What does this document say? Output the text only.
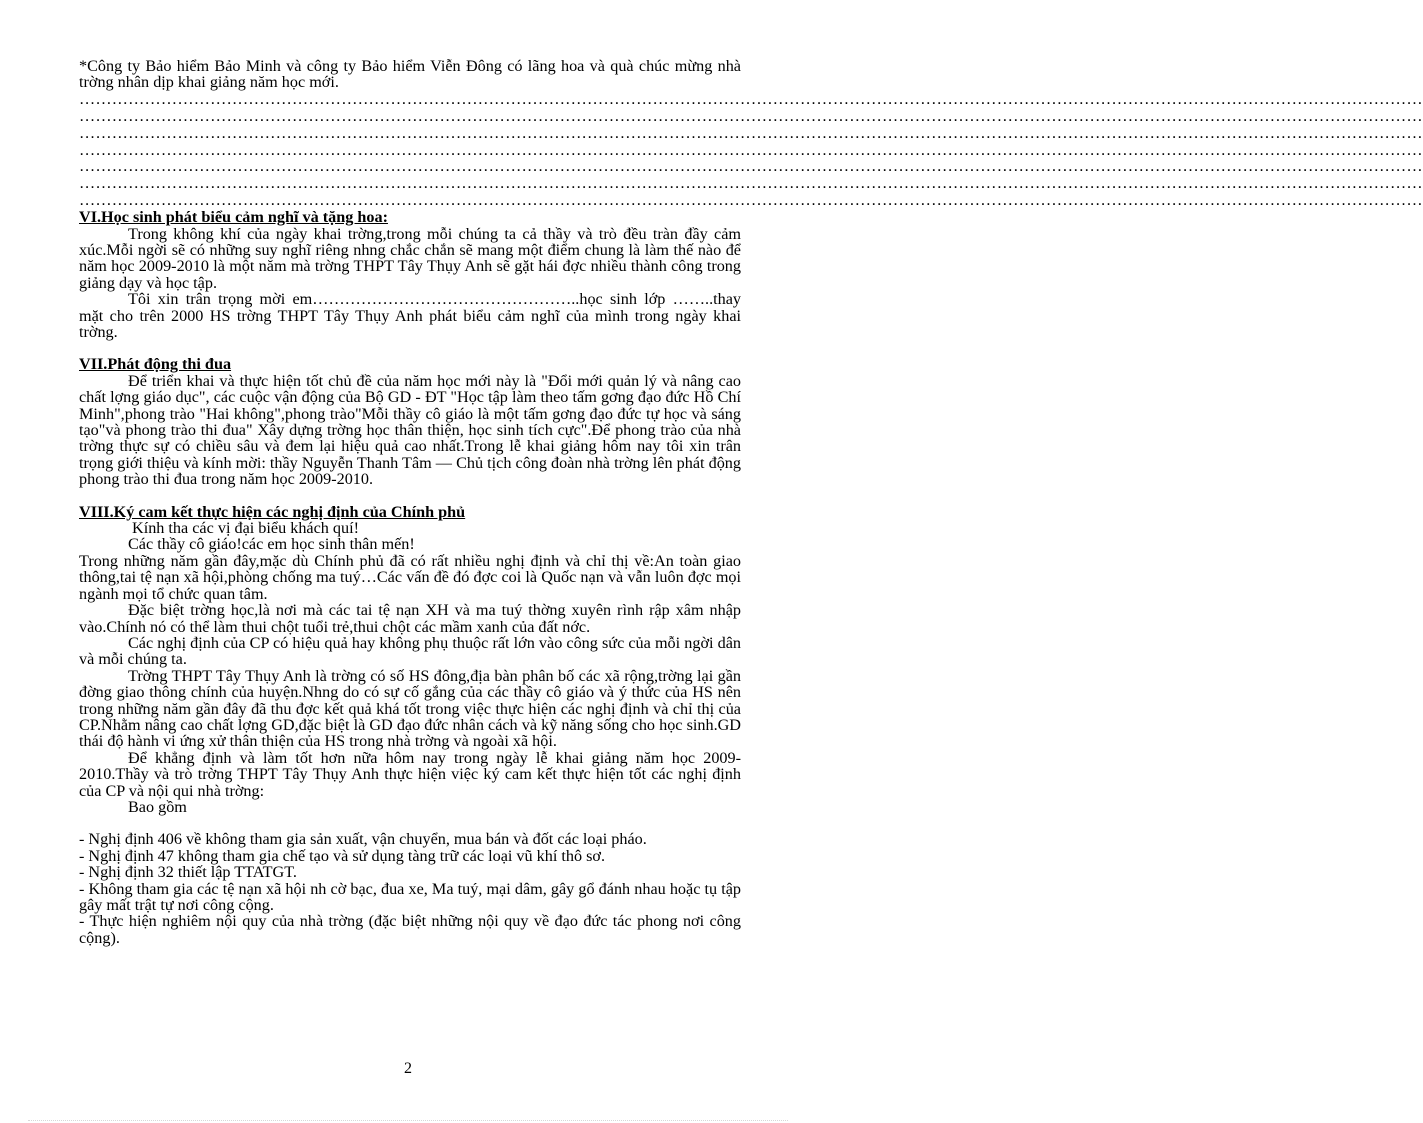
*Công ty Bảo hiểm Bảo Minh và công ty Bảo hiểm Viễn Đông có lãng hoa và quà chúc mừng nhà trờng nhân dịp khai giảng năm học mới.

…………………………………………………………………………………………………………………………………………………………………………………………………………………………
…………………………………………………………………………………………………………………………………………………………………………………………………………………………
…………………………………………………………………………………………………………………………………………………………………………………………………………………………
…………………………………………………………………………………………………………………………………………………………………………………………………………………………
…………………………………………………………………………………………………………………………………………………………………………………………………………………………
…………………………………………………………………………………………………………………………………………………………………………………………………………………………
…………………………………………………………………………………………………………………………………………………………………………………………………………………………

VI.Học sinh phát biểu cảm nghĩ và tặng hoa:

Trong không khí của ngày khai trờng,trong mỗi chúng ta cả thầy và trò đều tràn đầy cảm xúc.Mỗi ngời sẽ có những suy nghĩ riêng nhng chắc chắn sẽ mang một điểm chung là làm thế nào để năm học 2009-2010 là một năm mà trờng THPT Tây Thụy Anh sẽ gặt hái đợc nhiều thành công trong giảng dạy và học tập.

Tôi xin trân trọng mời em…………………………………………..học sinh lớp ……..thay mặt cho trên 2000 HS trờng THPT Tây Thụy Anh phát biểu cảm nghĩ của mình trong ngày khai trờng.

VII.Phát động thi đua

Để triển khai và thực hiện tốt chủ đề của năm học mới này là "Đổi mới quản lý và nâng cao chất lợng giáo dục", các cuộc vận động của Bộ GD - ĐT "Học tập làm theo tấm gơng đạo đức Hồ Chí Minh",phong trào "Hai không",phong trào"Mỗi thầy cô giáo là một tấm gơng đạo đức tự học và sáng tạo"và phong trào thi đua" Xây dựng trờng học thân thiện, học sinh tích cực".Để phong trào của nhà trờng thực sự có chiều sâu và đem lại hiệu quả cao nhất.Trong lễ khai giảng hôm nay tôi xin trân trọng giới thiệu và kính mời: thầy Nguyễn Thanh Tâm — Chủ tịch công đoàn nhà trờng lên phát động phong trào thi đua trong năm học 2009-2010.

VIII.Ký cam kết thực hiện các nghị định của Chính phủ

Kính tha các vị đại biểu khách quí!

Các thầy cô giáo!các em học sinh thân mến!

Trong những năm gần đây,mặc dù Chính phủ đã có rất nhiều nghị định và chỉ thị về:An toàn giao thông,tai tệ nạn xã hội,phòng chống ma tuý…Các vấn đề đó đợc coi là Quốc nạn và vẫn luôn đợc mọi ngành mọi tổ chức quan tâm.

Đặc biệt trờng học,là nơi mà các tai tệ nạn XH và ma tuý thờng xuyên rình rập xâm nhập vào.Chính nó có thể làm thui chột tuổi trẻ,thui chột các mầm xanh của đất nớc.

Các nghị định của CP có hiệu quả hay không phụ thuộc rất lớn vào công sức của mỗi ngời dân và mỗi chúng ta.

Trờng THPT Tây Thụy Anh là trờng có số HS đông,địa bàn phân bố các xã rộng,trờng lại gần đờng giao thông chính của huyện.Nhng do có sự cố gắng của các thầy cô giáo và ý thức của HS nên trong những năm gần đây đã thu đợc kết quả khá tốt trong việc thực hiện các nghị định và chỉ thị của CP.Nhằm nâng cao chất lợng GD,đặc biệt là GD đạo đức nhân cách và kỹ năng sống cho học sinh.GD thái độ hành vi ứng xử thân thiện của HS trong nhà trờng và ngoài xã hội.

Để khẳng định và làm tốt hơn nữa hôm nay trong ngày lễ khai giảng năm học 2009-2010.Thầy và trò trờng THPT Tây Thụy Anh thực hiện việc ký cam kết thực hiện tốt các nghị định của CP và nội qui nhà trờng:

Bao gồm

- Nghị định 406 về không tham gia sản xuất, vận chuyển, mua bán và đốt các loại pháo.

- Nghị định 47 không tham gia chế tạo và sử dụng tàng trữ các loại vũ khí thô sơ.

- Nghị định 32 thiết lập TTATGT.

- Không tham gia các tệ nạn xã hội nh cờ bạc, đua xe, Ma tuý, mại dâm, gây gổ đánh nhau hoặc tụ tập gây mất trật tự nơi công cộng.

- Thực hiện nghiêm nội quy của nhà trờng (đặc biệt những nội quy về đạo đức tác phong nơi công cộng).

2
